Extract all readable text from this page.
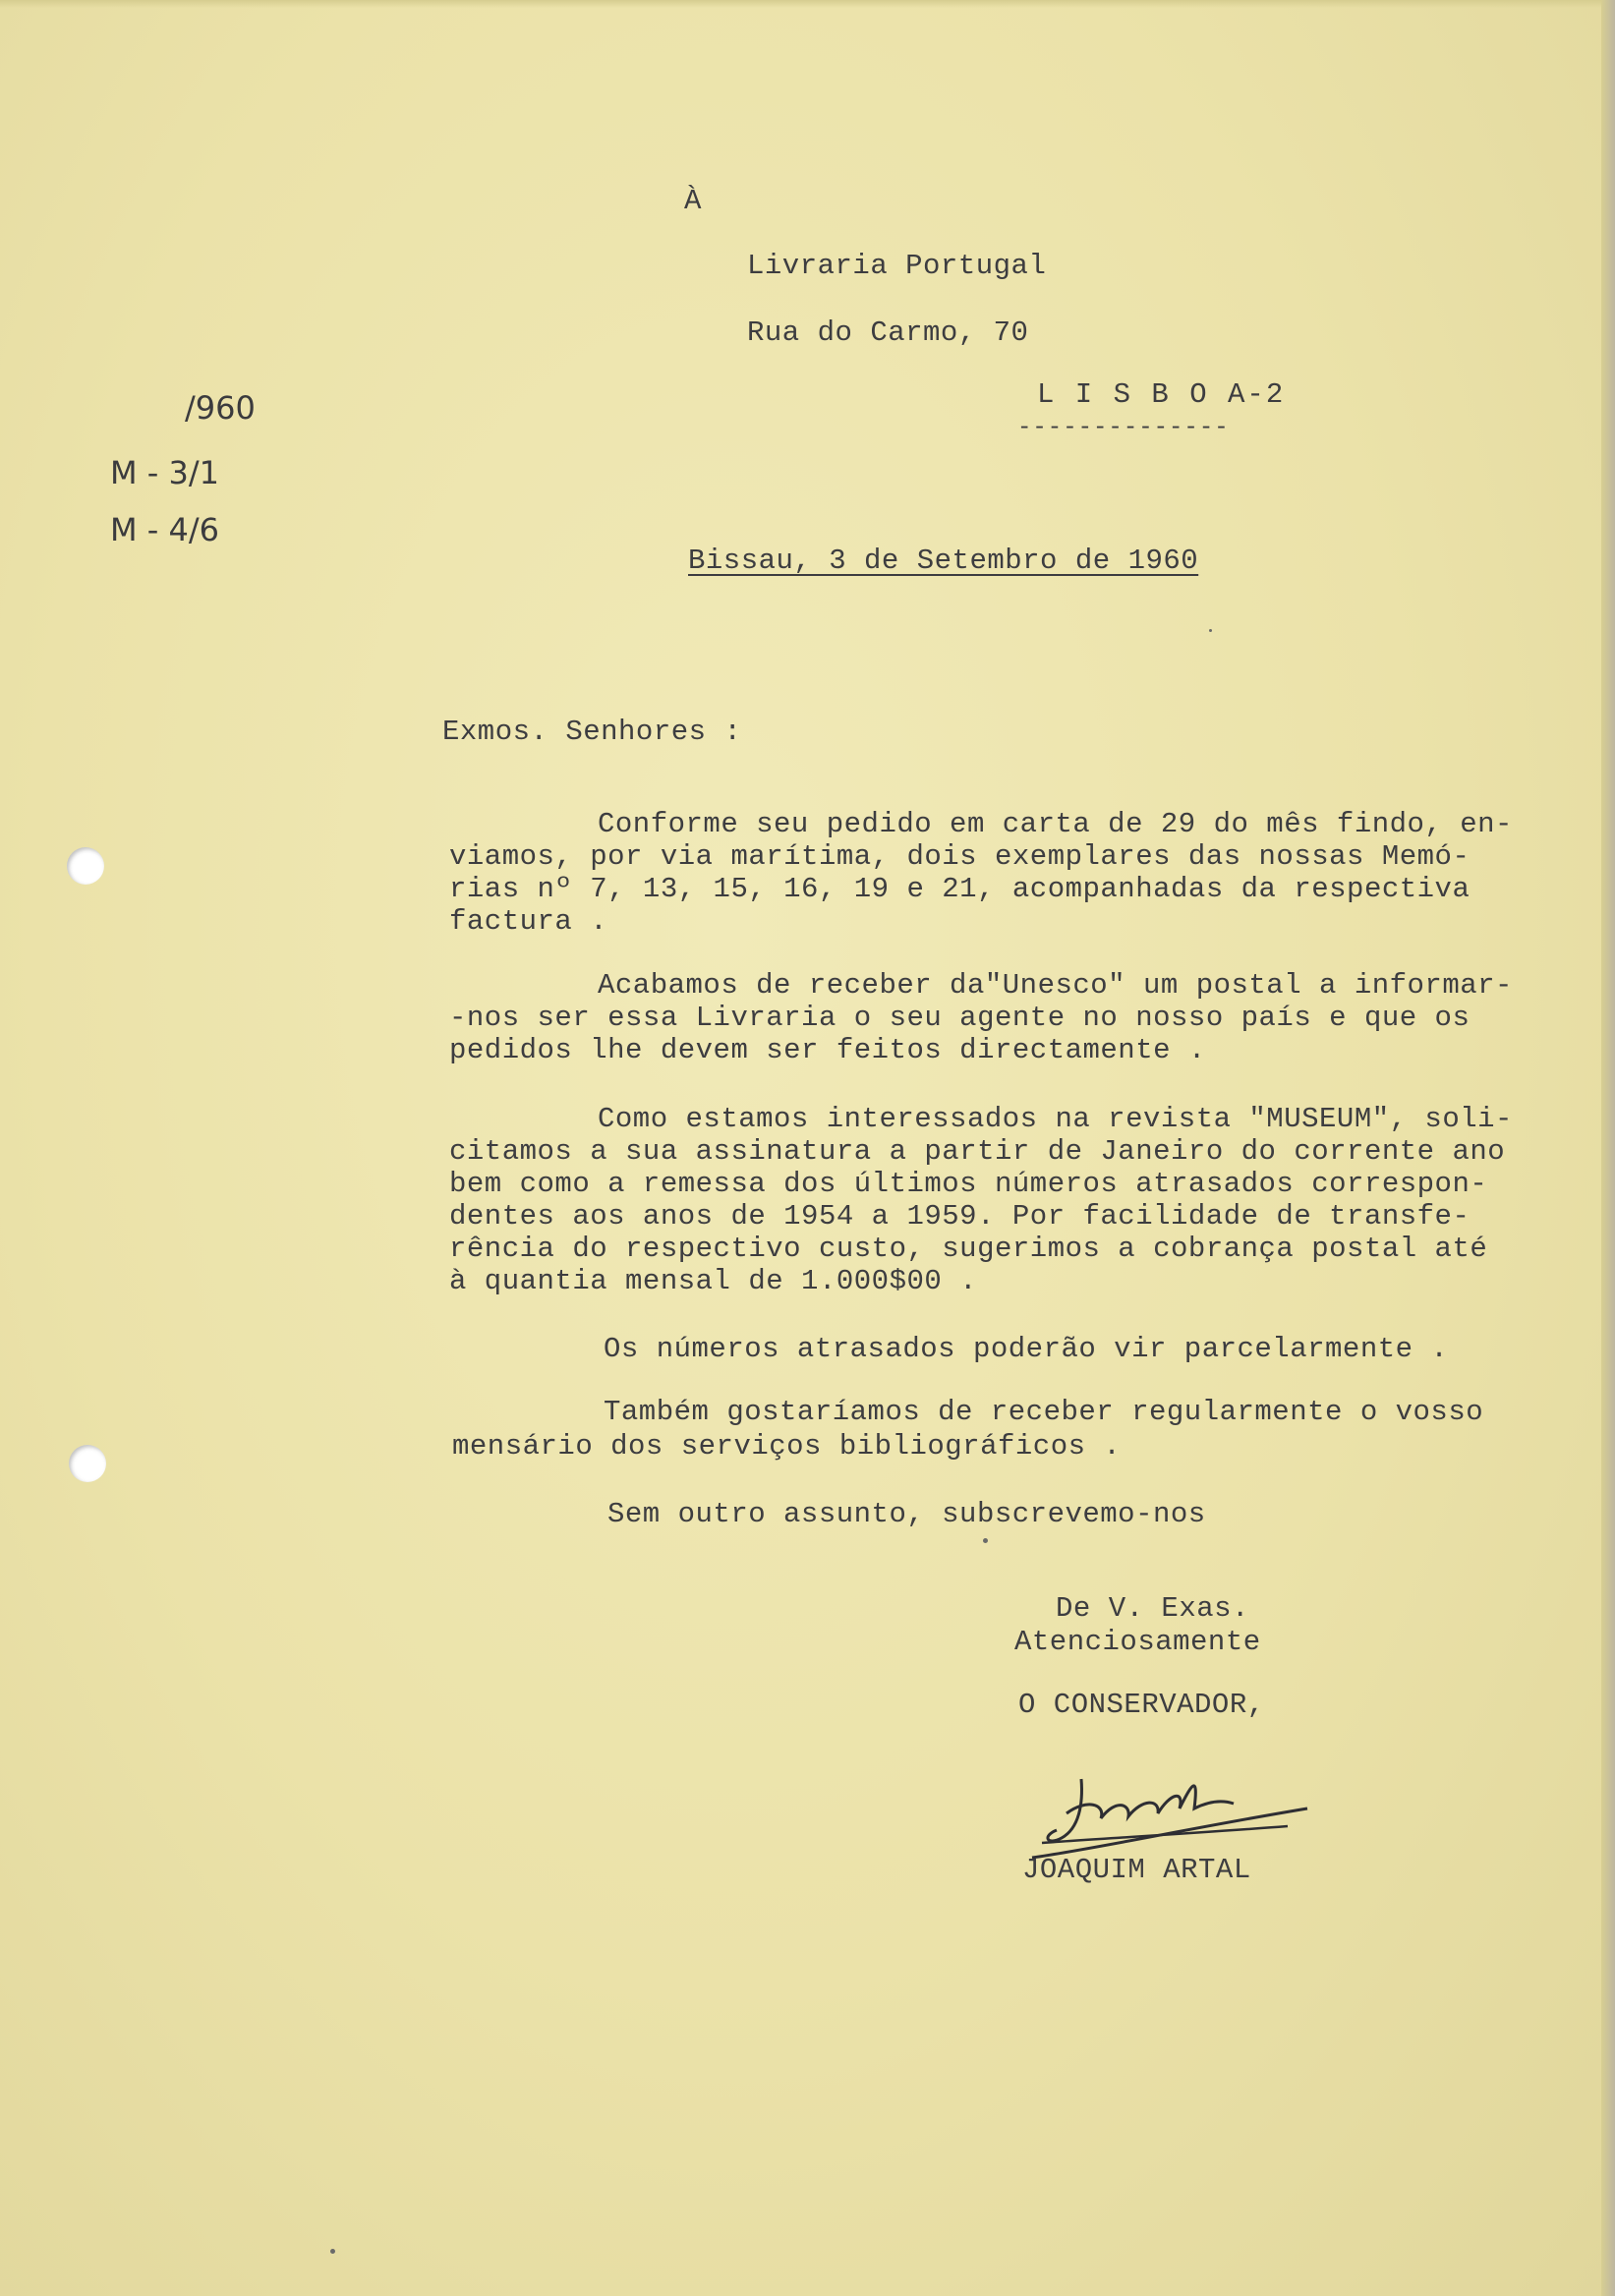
À
Livraria Portugal
Rua do Carmo, 70
L I S B O A-2
--------------
/960
M - 3/1
M - 4/6
Bissau, 3 de Setembro de 1960
Exmos. Senhores :
Conforme seu pedido em carta de 29 do mês findo, en-
viamos, por via marítima, dois exemplares das nossas Memó-
rias nº 7, 13, 15, 16, 19 e 21, acompanhadas da respectiva
factura .
Acabamos de receber da"Unesco" um postal a informar-
-nos ser essa Livraria o seu agente no nosso país e que os
pedidos lhe devem ser feitos directamente .
Como estamos interessados na revista "MUSEUM", soli-
citamos a sua assinatura a partir de Janeiro do corrente ano
bem como a remessa dos últimos números atrasados correspon-
dentes aos anos de 1954 a 1959. Por facilidade de transfe-
rência do respectivo custo, sugerimos a cobrança postal até
à quantia mensal de 1.000$00 .
Os números atrasados poderão vir parcelarmente .
Também gostaríamos de receber regularmente o vosso
mensário dos serviços bibliográficos .
Sem outro assunto, subscrevemo-nos
De V. Exas.
Atenciosamente
O CONSERVADOR,
JOAQUIM ARTAL
